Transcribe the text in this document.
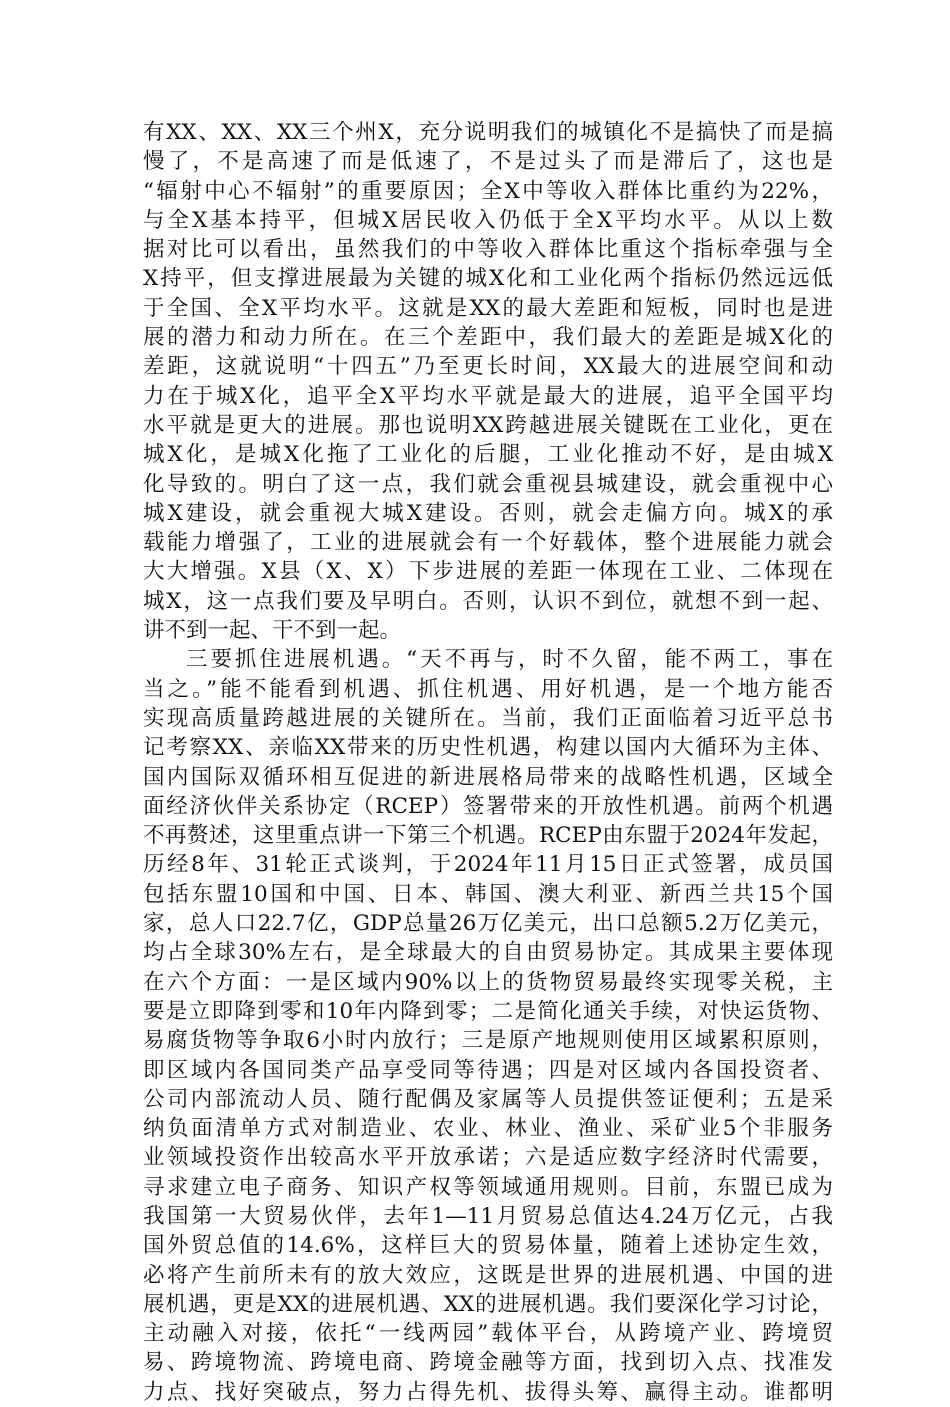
有XX、XX、XX三个州X，充分说明我们的城镇化不是搞快了而是搞
慢了，不是高速了而是低速了，不是过头了而是滞后了，这也是
“辐射中心不辐射”的重要原因；全X中等收入群体比重约为22%，
与全X基本持平，但城X居民收入仍低于全X平均水平。从以上数
据对比可以看出，虽然我们的中等收入群体比重这个指标牵强与全
X持平，但支撑进展最为关键的城X化和工业化两个指标仍然远远低
于全国、全X平均水平。这就是XX的最大差距和短板，同时也是进
展的潜力和动力所在。在三个差距中，我们最大的差距是城X化的
差距，这就说明“十四五”乃至更长时间，XX最大的进展空间和动
力在于城X化，追平全X平均水平就是最大的进展，追平全国平均
水平就是更大的进展。那也说明XX跨越进展关键既在工业化，更在
城X化，是城X化拖了工业化的后腿，工业化推动不好，是由城X
化导致的。明白了这一点，我们就会重视县城建设，就会重视中心
城X建设，就会重视大城X建设。否则，就会走偏方向。城X的承
载能力增强了，工业的进展就会有一个好载体，整个进展能力就会
大大增强。X县（X、X）下步进展的差距一体现在工业、二体现在
城X，这一点我们要及早明白。否则，认识不到位，就想不到一起、
讲不到一起、干不到一起。
三要抓住进展机遇。“天不再与，时不久留，能不两工，事在
当之。”能不能看到机遇、抓住机遇、用好机遇，是一个地方能否
实现高质量跨越进展的关键所在。当前，我们正面临着习近平总书
记考察XX、亲临XX带来的历史性机遇，构建以国内大循环为主体、
国内国际双循环相互促进的新进展格局带来的战略性机遇，区域全
面经济伙伴关系协定（RCEP）签署带来的开放性机遇。前两个机遇
不再赘述，这里重点讲一下第三个机遇。RCEP由东盟于2024年发起，
历经8年、31轮正式谈判，于2024年11月15日正式签署，成员国
包括东盟10国和中国、日本、韩国、澳大利亚、新西兰共15个国
家，总人口22.7亿，GDP总量26万亿美元，出口总额5.2万亿美元，
均占全球30%左右，是全球最大的自由贸易协定。其成果主要体现
在六个方面：一是区域内90%以上的货物贸易最终实现零关税，主
要是立即降到零和10年内降到零；二是简化通关手续，对快运货物、
易腐货物等争取6小时内放行；三是原产地规则使用区域累积原则，
即区域内各国同类产品享受同等待遇；四是对区域内各国投资者、
公司内部流动人员、随行配偶及家属等人员提供签证便利；五是采
纳负面清单方式对制造业、农业、林业、渔业、采矿业5个非服务
业领域投资作出较高水平开放承诺；六是适应数字经济时代需要，
寻求建立电子商务、知识产权等领域通用规则。目前，东盟已成为
我国第一大贸易伙伴，去年1—11月贸易总值达4.24万亿元，占我
国外贸总值的14.6%，这样巨大的贸易体量，随着上述协定生效，
必将产生前所未有的放大效应，这既是世界的进展机遇、中国的进
展机遇，更是XX的进展机遇、XX的进展机遇。我们要深化学习讨论，
主动融入对接，依托“一线两园”载体平台，从跨境产业、跨境贸
易、跨境物流、跨境电商、跨境金融等方面，找到切入点、找准发
力点、找好突破点，努力占得先机、拔得头筹、赢得主动。谁都明
